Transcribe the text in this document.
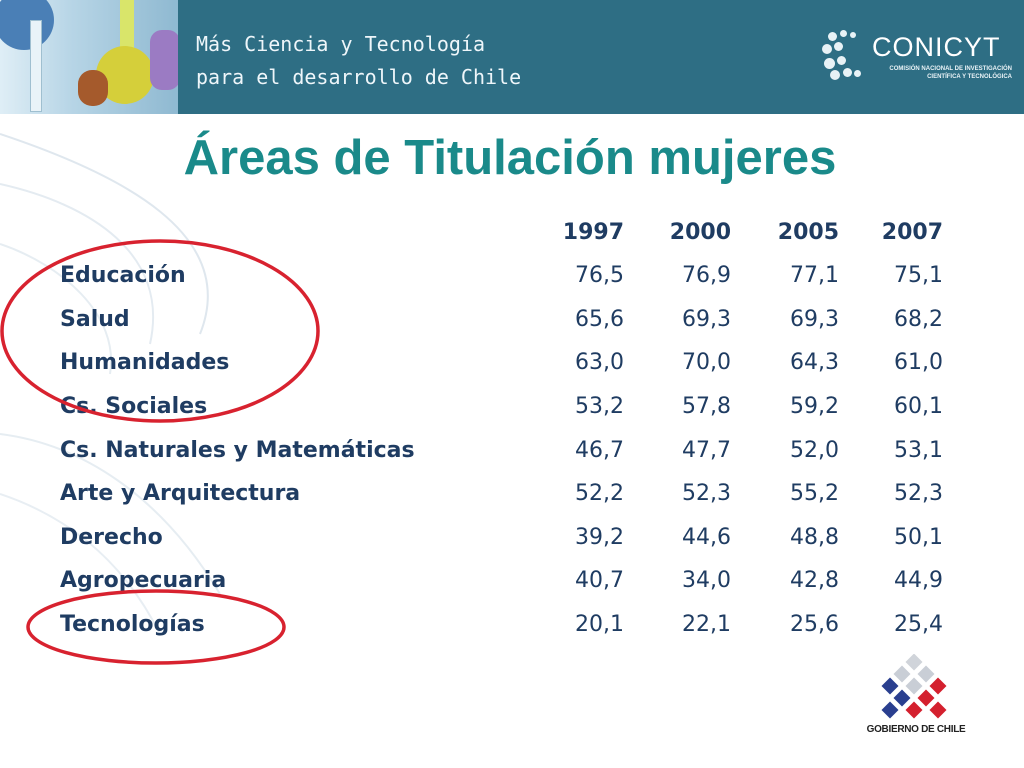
Más Ciencia y Tecnología
para el desarrollo de Chile
CONICYT
COMISIÓN NACIONAL DE INVESTIGACIÓN
CIENTÍFICA Y TECNOLÓGICA
Áreas de Titulación mujeres
	1997	2000	2005	2007
Educación	76,5	76,9	77,1	75,1
Salud	65,6	69,3	69,3	68,2
Humanidades	63,0	70,0	64,3	61,0
Cs. Sociales	53,2	57,8	59,2	60,1
Cs. Naturales y Matemáticas	46,7	47,7	52,0	53,1
Arte y Arquitectura	52,2	52,3	55,2	52,3
Derecho	39,2	44,6	48,8	50,1
Agropecuaria	40,7	34,0	42,8	44,9
Tecnologías	20,1	22,1	25,6	25,4
GOBIERNO DE CHILE
